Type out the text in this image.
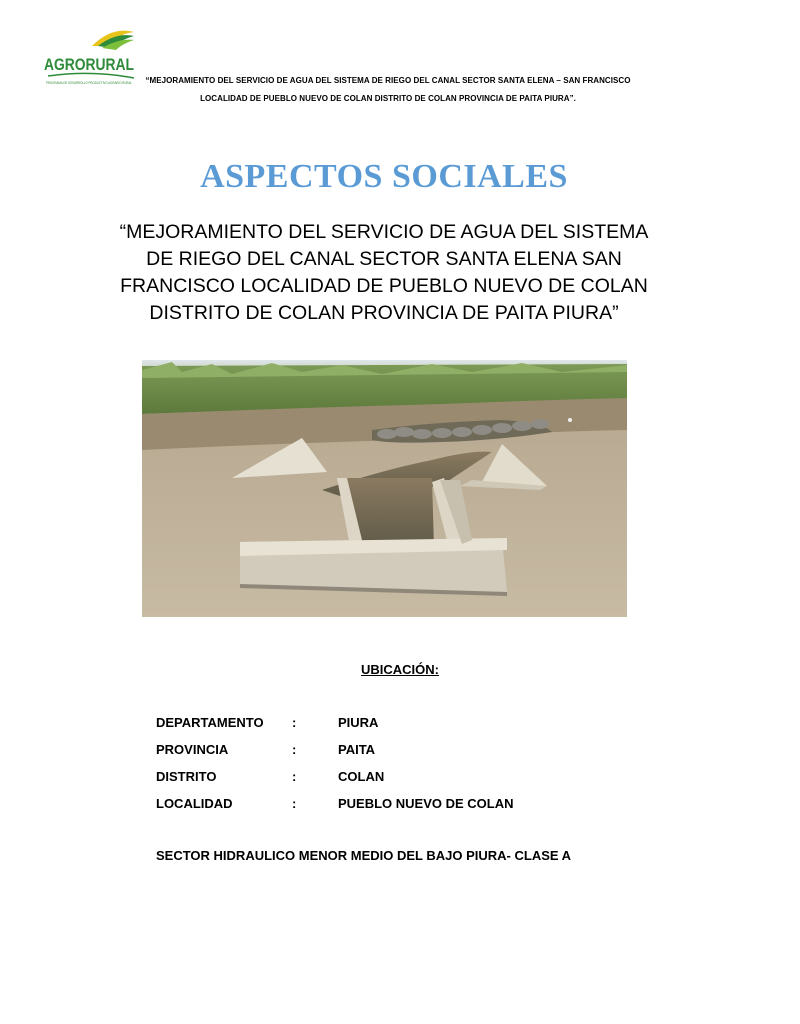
AGRORURAL
PROGRAMA DE DESARROLLO PRODUCTIVO AGRARIO RURAL	“MEJORAMIENTO DEL SERVICIO DE AGUA DEL SISTEMA DE RIEGO DEL CANAL SECTOR SANTA ELENA – SAN FRANCISCO
LOCALIDAD DE PUEBLO NUEVO DE COLAN DISTRITO DE COLAN PROVINCIA DE PAITA PIURA”.
ASPECTOS SOCIALES
“MEJORAMIENTO DEL SERVICIO DE AGUA DEL SISTEMA
DE RIEGO DEL CANAL SECTOR SANTA ELENA SAN
FRANCISCO LOCALIDAD DE PUEBLO NUEVO DE COLAN
DISTRITO DE COLAN PROVINCIA DE PAITA PIURA”
UBICACIÓN:
DEPARTAMENTO :	PIURA
PROVINCIA	:	PAITA
DISTRITO	:	COLAN
LOCALIDAD	:	PUEBLO NUEVO DE COLAN
SECTOR HIDRAULICO MENOR MEDIO DEL BAJO PIURA- CLASE A
